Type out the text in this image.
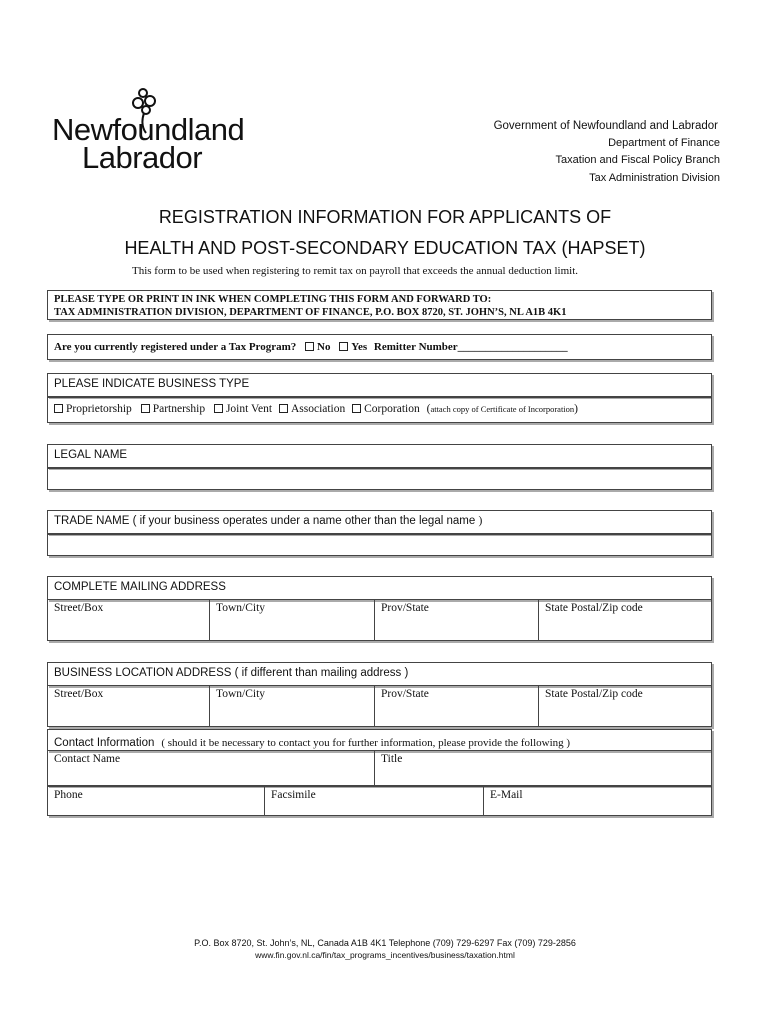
Newfoundland
Labrador
Government of Newfoundland and Labrador
Department of Finance
Taxation and Fiscal Policy Branch
Tax Administration Division
REGISTRATION INFORMATION FOR APPLICANTS OF
HEALTH AND POST-SECONDARY EDUCATION TAX (HAPSET)
This form to be used when registering to remit tax on payroll that exceeds the annual deduction limit.
PLEASE TYPE OR PRINT IN INK WHEN COMPLETING THIS FORM AND FORWARD TO:
TAX ADMINISTRATION DIVISION, DEPARTMENT OF FINANCE, P.O. BOX 8720, ST. JOHN’S, NL A1B 4K1
Are you currently registered under a Tax Program? No Yes Remitter Number____________________
PLEASE INDICATE BUSINESS TYPE
Proprietorship Partnership Joint Vent Association Corporation (attach copy of Certificate of Incorporation)
LEGAL NAME
TRADE NAME ( if your business operates under a name other than the legal name )
COMPLETE MAILING ADDRESS
Street/Box	Town/City	Prov/State	State Postal/Zip code
BUSINESS LOCATION ADDRESS ( if different than mailing address )
Street/Box	Town/City	Prov/State	State Postal/Zip code
Contact Information ( should it be necessary to contact you for further information, please provide the following )
Contact Name	Title
Phone	Facsimile	E-Mail
P.O. Box 8720, St. John’s, NL, Canada A1B 4K1 Telephone (709) 729-6297 Fax (709) 729-2856
www.fin.gov.nl.ca/fin/tax_programs_incentives/business/taxation.html
